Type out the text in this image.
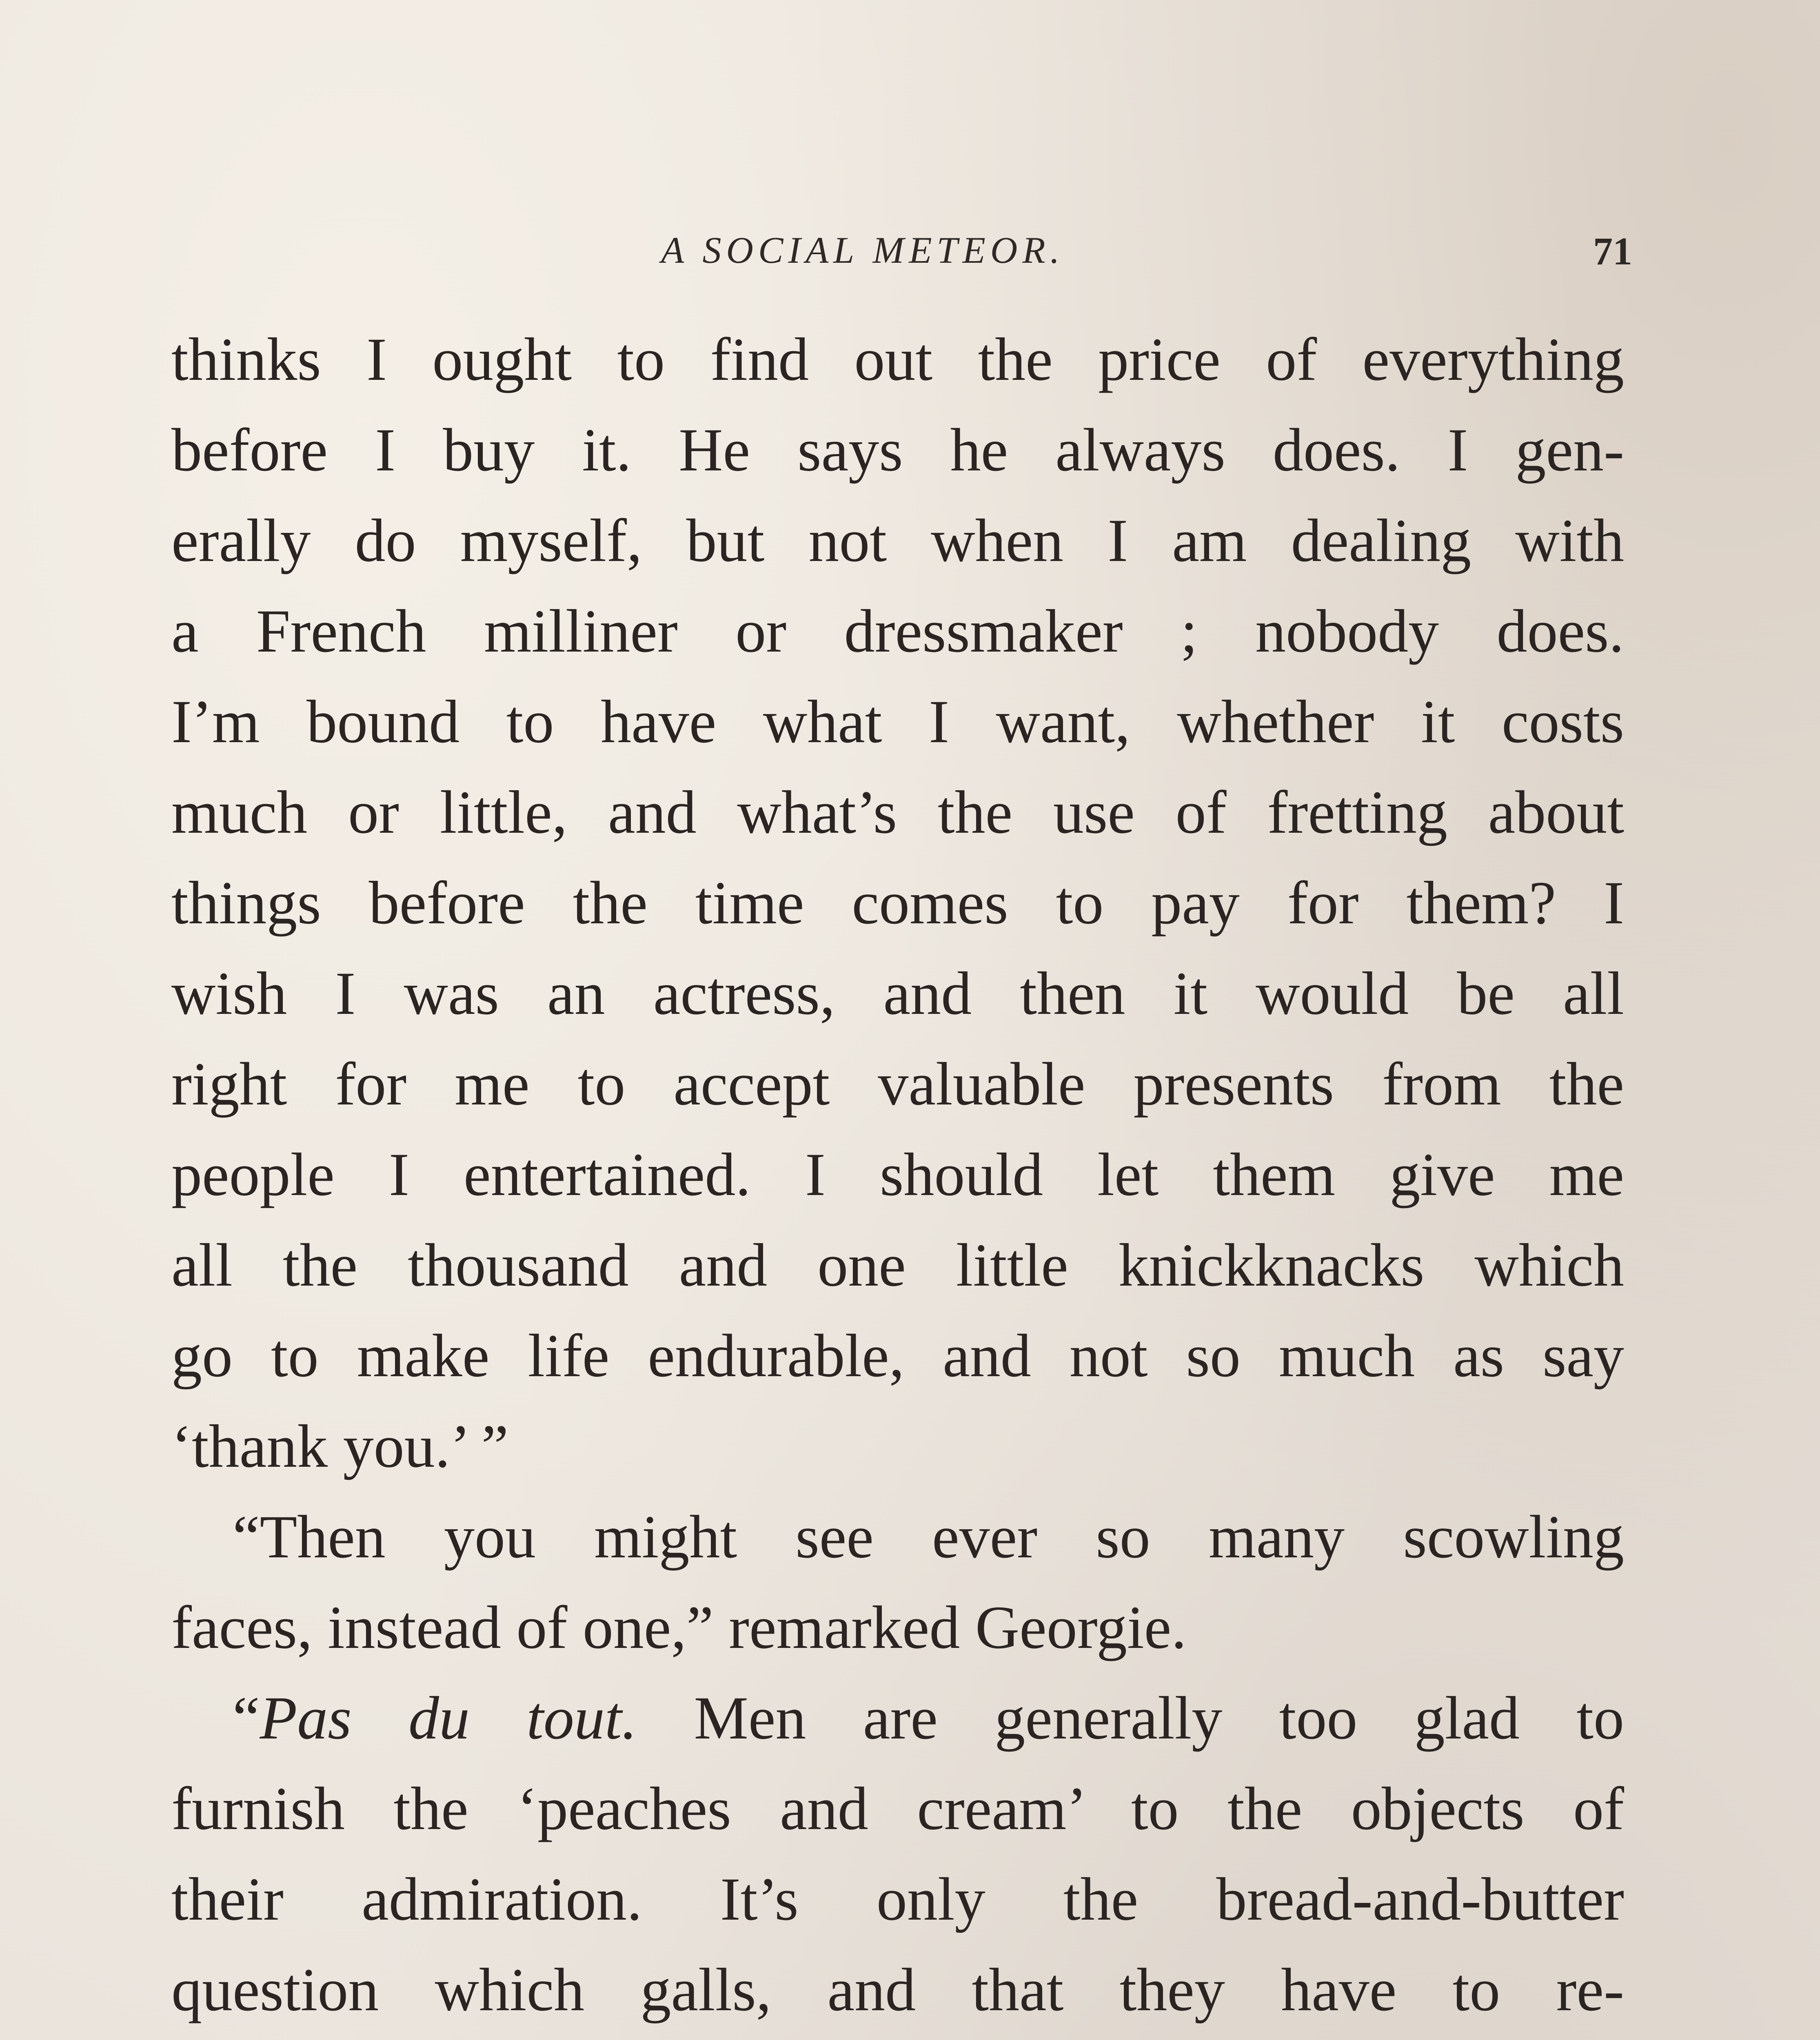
A SOCIAL METEOR.	71
thinks I ought to find out the price of everything
before I buy it. He says he always does. I gen-
erally do myself, but not when I am dealing with
a French milliner or dressmaker ; nobody does.
I’m bound to have what I want, whether it costs
much or little, and what’s the use of fretting about
things before the time comes to pay for them? I
wish I was an actress, and then it would be all
right for me to accept valuable presents from the
people I entertained. I should let them give me
all the thousand and one little knickknacks which
go to make life endurable, and not so much as say
‘thank you.’ ”
“Then you might see ever so many scowling
faces, instead of one,” remarked Georgie.
“Pas du tout. Men are generally too glad to
furnish the ‘peaches and cream’ to the objects of
their admiration. It’s only the bread-and-butter
question which galls, and that they have to re-
